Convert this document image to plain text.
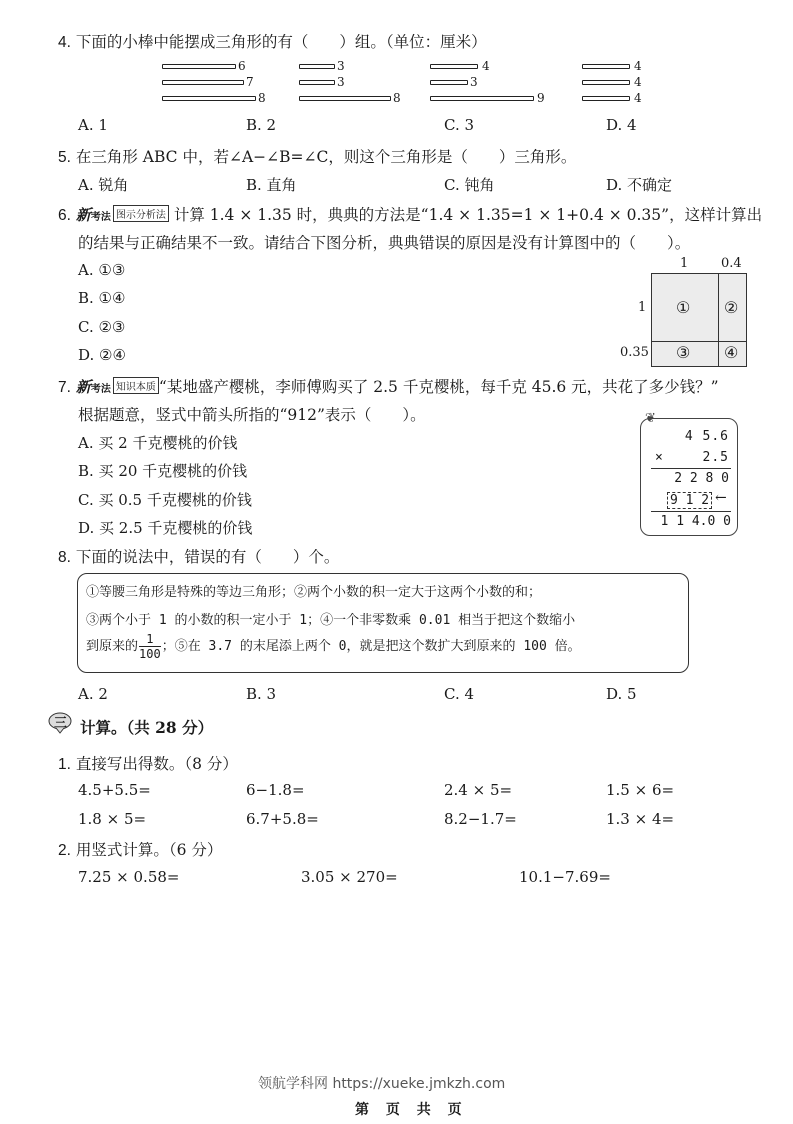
4. 下面的小棒中能摆成三角形的有（　　）组。（单位：厘米）
6
7
8
3
3
8
4
3
9
4
4
4
A. 1	B. 2	C. 3	D. 4
5. 在三角形 ABC 中，若∠A−∠B=∠C，则这个三角形是（　　）三角形。
A. 锐角	B. 直角	C. 钝角	D. 不确定
6. 新考法 图示分析法 计算 1.4 × 1.35 时，典典的方法是“1.4 × 1.35=1 × 1+0.4 × 0.35”，这样计算出
的结果与正确结果不一致。请结合下图分析，典典错误的原因是没有计算图中的（　　）。
A. ①③
B. ①④
C. ②③
D. ②④
1	0.4
1
0.35
① ②
③ ④
7. 新考法 知识本质 “某地盛产樱桃，李师傅购买了 2.5 千克樱桃，每千克 45.6 元，共花了多少钱？”
根据题意，竖式中箭头所指的“912”表示（　　）。
A. 买 2 千克樱桃的价钱
B. 买 20 千克樱桃的价钱
C. 买 0.5 千克樱桃的价钱
D. 买 2.5 千克樱桃的价钱
❦
4 5.6
×	2.5
2 2 8 0
9 1 2 ←
1 1 4.0 0
8. 下面的说法中，错误的有（　　）个。
①等腰三角形是特殊的等边三角形；②两个小数的积一定大于这两个小数的和；
③两个小于 1 的小数的积一定小于 1；④一个非零数乘 0.01 相当于把这个数缩小
到原来的 $\frac{1}{100}$ ；⑤在 3.7 的末尾添上两个 0，就是把这个数扩大到原来的 100 倍。
A. 2	B. 3	C. 4	D. 5
三 计算。（共 28 分）
1. 直接写出得数。（8 分）
4.5+5.5=	6−1.8=	2.4 × 5=	1.5 × 6=
1.8 × 5=	6.7+5.8=	8.2−1.7=	1.3 × 4=
2. 用竖式计算。（6 分）
7.25 × 0.58=	3.05 × 270=	10.1−7.69=
领航学科网 https://xueke.jmkzh.com
第 页 共 页
